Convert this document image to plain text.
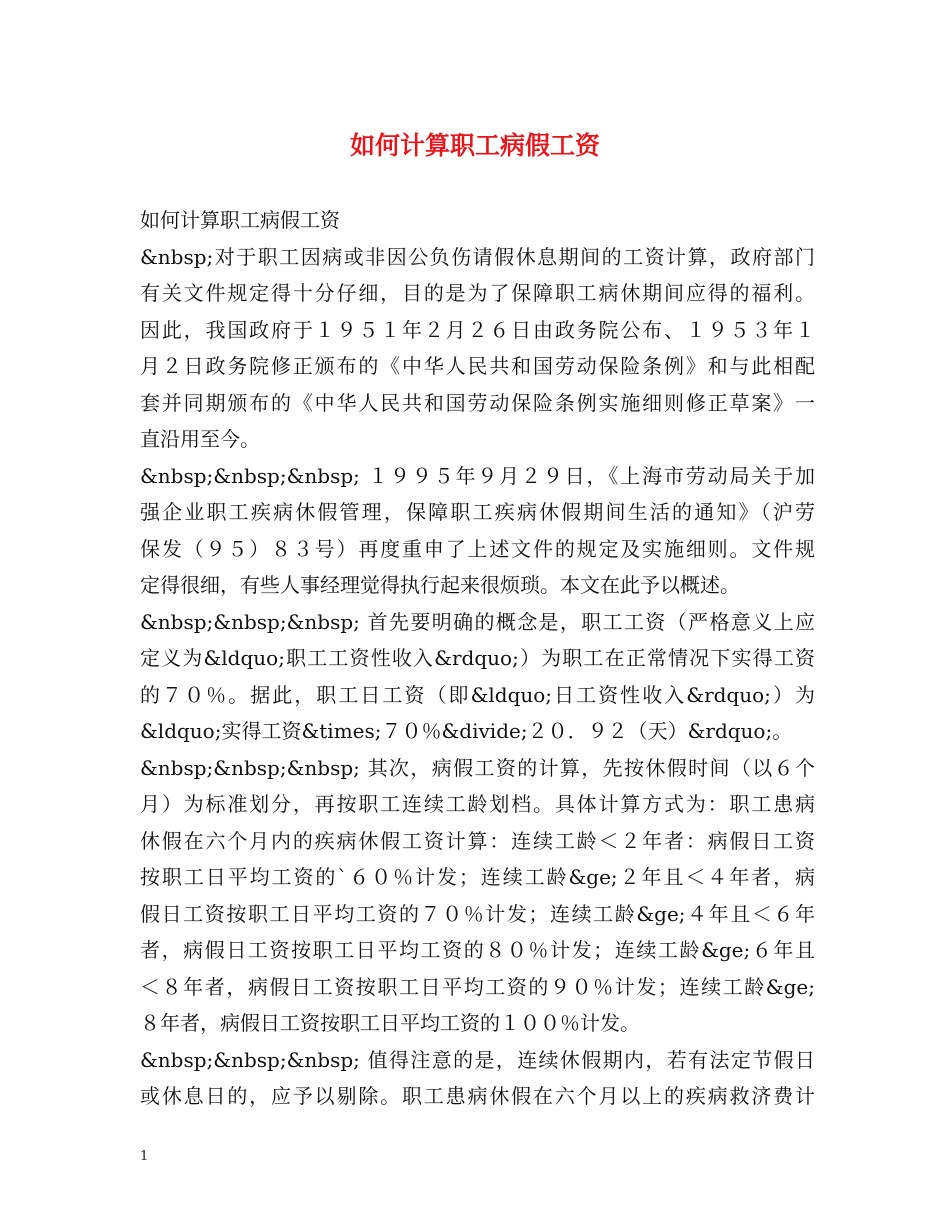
如何计算职工病假工资
如何计算职工病假工资
&nbsp;对于职工因病或非因公负伤请假休息期间的工资计算，政府部门
有关文件规定得十分仔细，目的是为了保障职工病休期间应得的福利。
因此，我国政府于１９５１年２月２６日由政务院公布、１９５３年１
月２日政务院修正颁布的《中华人民共和国劳动保险条例》和与此相配
套并同期颁布的《中华人民共和国劳动保险条例实施细则修正草案》一
直沿用至今。
&nbsp;&nbsp;&nbsp; １９９５年９月２９日，《上海市劳动局关于加
强企业职工疾病休假管理，保障职工疾病休假期间生活的通知》（沪劳
保发（９５）８３号）再度重申了上述文件的规定及实施细则。文件规
定得很细，有些人事经理觉得执行起来很烦琐。本文在此予以概述。
&nbsp;&nbsp;&nbsp; 首先要明确的概念是，职工工资（严格意义上应
定义为&ldquo;职工工资性收入&rdquo;）为职工在正常情况下实得工资
的７０％。据此，职工日工资（即&ldquo;日工资性收入&rdquo;）为
&ldquo;实得工资&times;７０％&divide;２０．９２（天）&rdquo;。
&nbsp;&nbsp;&nbsp; 其次，病假工资的计算，先按休假时间（以６个
月）为标准划分，再按职工连续工龄划档。具体计算方式为：职工患病
休假在六个月内的疾病休假工资计算：连续工龄＜２年者：病假日工资
按职工日平均工资的`６０％计发；连续工龄&ge;２年且＜４年者，病
假日工资按职工日平均工资的７０％计发；连续工龄&ge;４年且＜６年
者，病假日工资按职工日平均工资的８０％计发；连续工龄&ge;６年且
＜８年者，病假日工资按职工日平均工资的９０％计发；连续工龄&ge;
８年者，病假日工资按职工日平均工资的１００％计发。
&nbsp;&nbsp;&nbsp; 值得注意的是，连续休假期内，若有法定节假日
或休息日的，应予以剔除。职工患病休假在六个月以上的疾病救济费计
1
